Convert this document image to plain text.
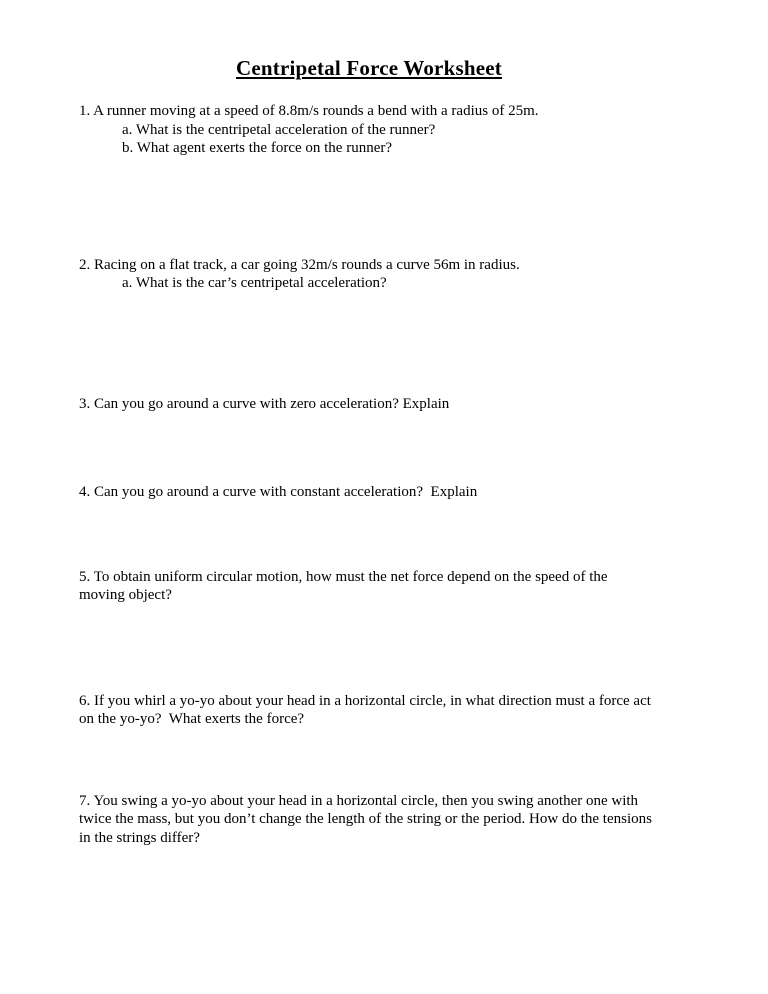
Centripetal Force Worksheet
1. A runner moving at a speed of 8.8m/s rounds a bend with a radius of 25m.
a. What is the centripetal acceleration of the runner?
b. What agent exerts the force on the runner?
2. Racing on a flat track, a car going 32m/s rounds a curve 56m in radius.
a. What is the car’s centripetal acceleration?
3. Can you go around a curve with zero acceleration? Explain
4. Can you go around a curve with constant acceleration?  Explain
5. To obtain uniform circular motion, how must the net force depend on the speed of the
moving object?
6. If you whirl a yo-yo about your head in a horizontal circle, in what direction must a force act
on the yo-yo?  What exerts the force?
7. You swing a yo-yo about your head in a horizontal circle, then you swing another one with
twice the mass, but you don’t change the length of the string or the period. How do the tensions
in the strings differ?
